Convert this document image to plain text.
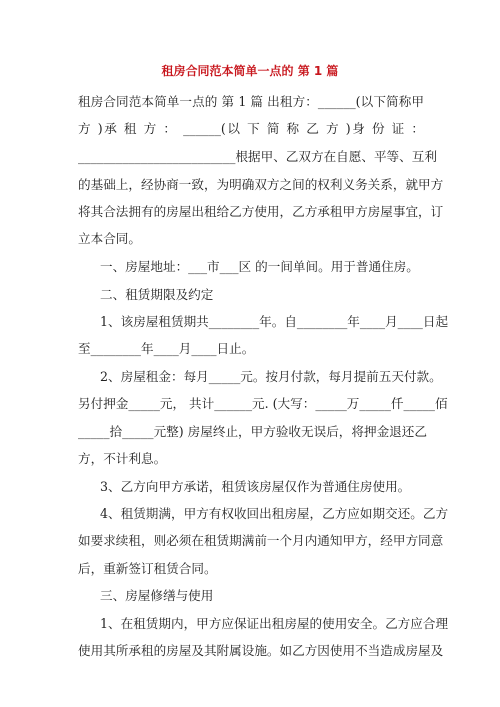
租房合同范本简单一点的 第 1 篇
租房合同范本简单一点的 第 1 篇 出租方：______(以下简称甲
方 )承 租 方 ： ______(以 下 简 称 乙 方 )身 份 证 ：
_________________________根据甲、乙双方在自愿、平等、互利
的基础上，经协商一致，为明确双方之间的权利义务关系，就甲方
将其合法拥有的房屋出租给乙方使用，乙方承租甲方房屋事宜，订
立本合同。
一、房屋地址：___市___区 的一间单间。用于普通住房。
二、租赁期限及约定
1、该房屋租赁期共________年。自________年____月____日起
至________年____月____日止。
2、房屋租金：每月_____元。按月付款，每月提前五天付款。
另付押金_____元， 共计______元. (大写：_____万_____仟_____佰
_____拾_____元整) 房屋终止，甲方验收无误后，将押金退还乙
方，不计利息。
3、乙方向甲方承诺，租赁该房屋仅作为普通住房使用。
4、租赁期满，甲方有权收回出租房屋，乙方应如期交还。乙方
如要求续租，则必须在租赁期满前一个月内通知甲方，经甲方同意
后，重新签订租赁合同。
三、房屋修缮与使用
1、在租赁期内，甲方应保证出租房屋的使用安全。乙方应合理
使用其所承租的房屋及其附属设施。如乙方因使用不当造成房屋及
